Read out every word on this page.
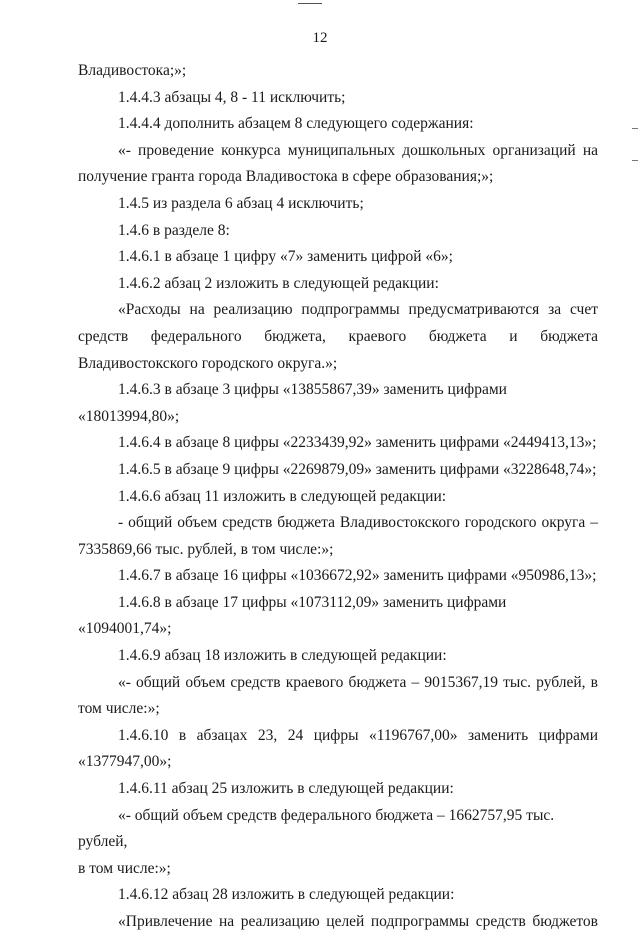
12

Владивостока;»;

1.4.4.3 абзацы 4, 8 - 11 исключить;

1.4.4.4 дополнить абзацем 8 следующего содержания:

«- проведение конкурса муниципальных дошкольных организаций на

получение гранта города Владивостока в сфере образования;»;

1.4.5 из раздела 6 абзац 4 исключить;

1.4.6 в разделе 8:

1.4.6.1 в абзаце 1 цифру «7» заменить цифрой «6»;

1.4.6.2 абзац 2 изложить в следующей редакции:

«Расходы на реализацию подпрограммы предусматриваются за счет

средств федерального бюджета, краевого бюджета и бюджета

Владивостокского городского округа.»;

1.4.6.3 в абзаце 3 цифры «13855867,39» заменить цифрами «18013994,80»;

1.4.6.4 в абзаце 8 цифры «2233439,92» заменить цифрами «2449413,13»;

1.4.6.5 в абзаце 9 цифры «2269879,09» заменить цифрами «3228648,74»;

1.4.6.6 абзац 11 изложить в следующей редакции:

- общий объем средств бюджета Владивостокского городского округа –

7335869,66 тыс. рублей, в том числе:»;

1.4.6.7 в абзаце 16 цифры «1036672,92» заменить цифрами «950986,13»;

1.4.6.8 в абзаце 17 цифры «1073112,09» заменить цифрами «1094001,74»;

1.4.6.9 абзац 18 изложить в следующей редакции:

«- общий объем средств краевого бюджета – 9015367,19 тыс. рублей, в

том числе:»;

1.4.6.10 в абзацах 23, 24 цифры «1196767,00» заменить цифрами

«1377947,00»;

1.4.6.11 абзац 25 изложить в следующей редакции:

«- общий объем средств федерального бюджета – 1662757,95 тыс. рублей,

в том числе:»;

1.4.6.12 абзац 28 изложить в следующей редакции:

«Привлечение на реализацию целей подпрограммы средств бюджетов
